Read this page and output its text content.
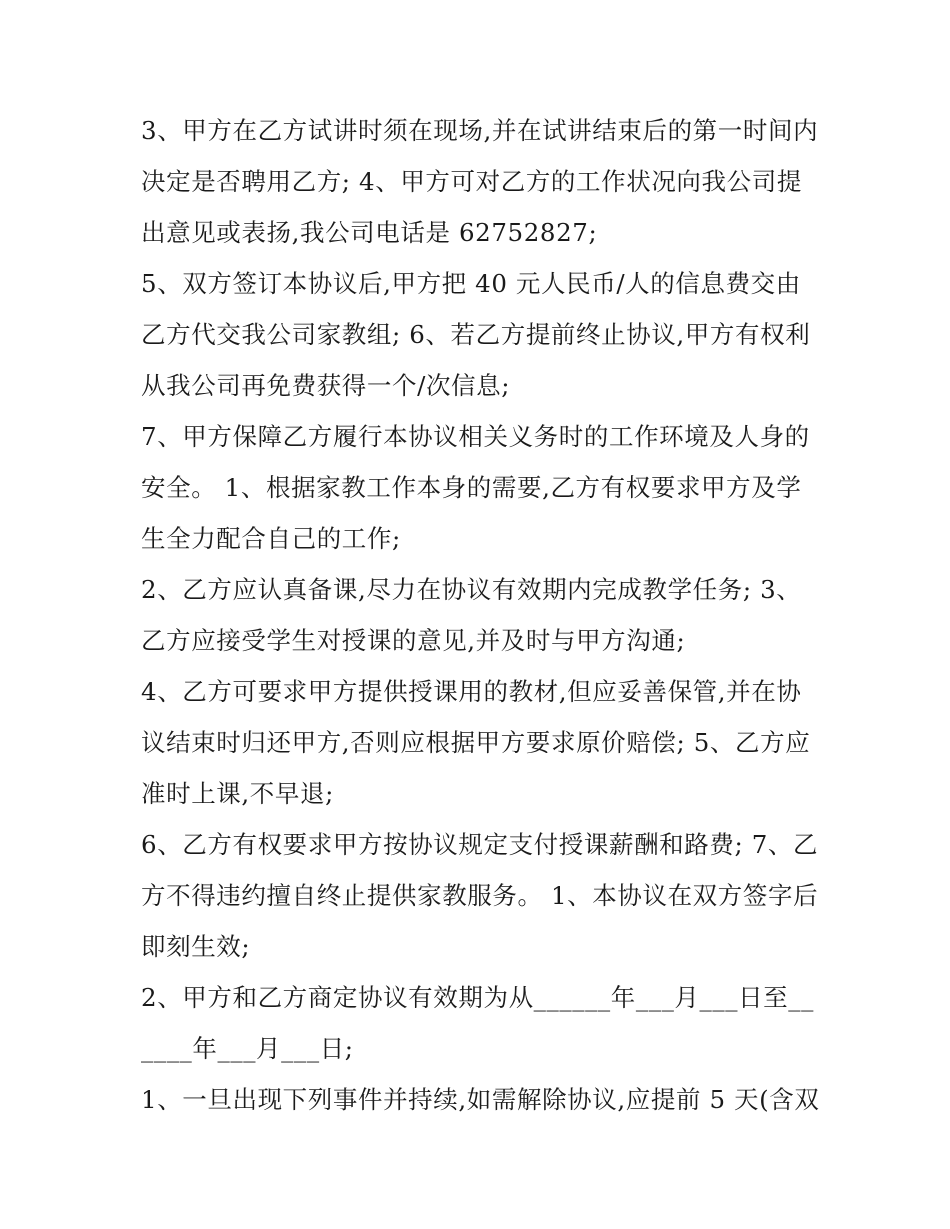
3、甲方在乙方试讲时须在现场,并在试讲结束后的第一时间内决定是否聘用乙方; 4、甲方可对乙方的工作状况向我公司提出意见或表扬,我公司电话是 62752827;

5、双方签订本协议后,甲方把 40 元人民币/人的信息费交由乙方代交我公司家教组; 6、若乙方提前终止协议,甲方有权利从我公司再免费获得一个/次信息;

7、甲方保障乙方履行本协议相关义务时的工作环境及人身的安全。 1、根据家教工作本身的需要,乙方有权要求甲方及学生全力配合自己的工作;

2、乙方应认真备课,尽力在协议有效期内完成教学任务; 3、乙方应接受学生对授课的意见,并及时与甲方沟通;

4、乙方可要求甲方提供授课用的教材,但应妥善保管,并在协议结束时归还甲方,否则应根据甲方要求原价赔偿; 5、乙方应准时上课,不早退;

6、乙方有权要求甲方按协议规定支付授课薪酬和路费; 7、乙方不得违约擅自终止提供家教服务。 1、本协议在双方签字后即刻生效;

2、甲方和乙方商定协议有效期为从______年___月___日至______年___月___日;

1、一旦出现下列事件并持续,如需解除协议,应提前 5 天(含双
